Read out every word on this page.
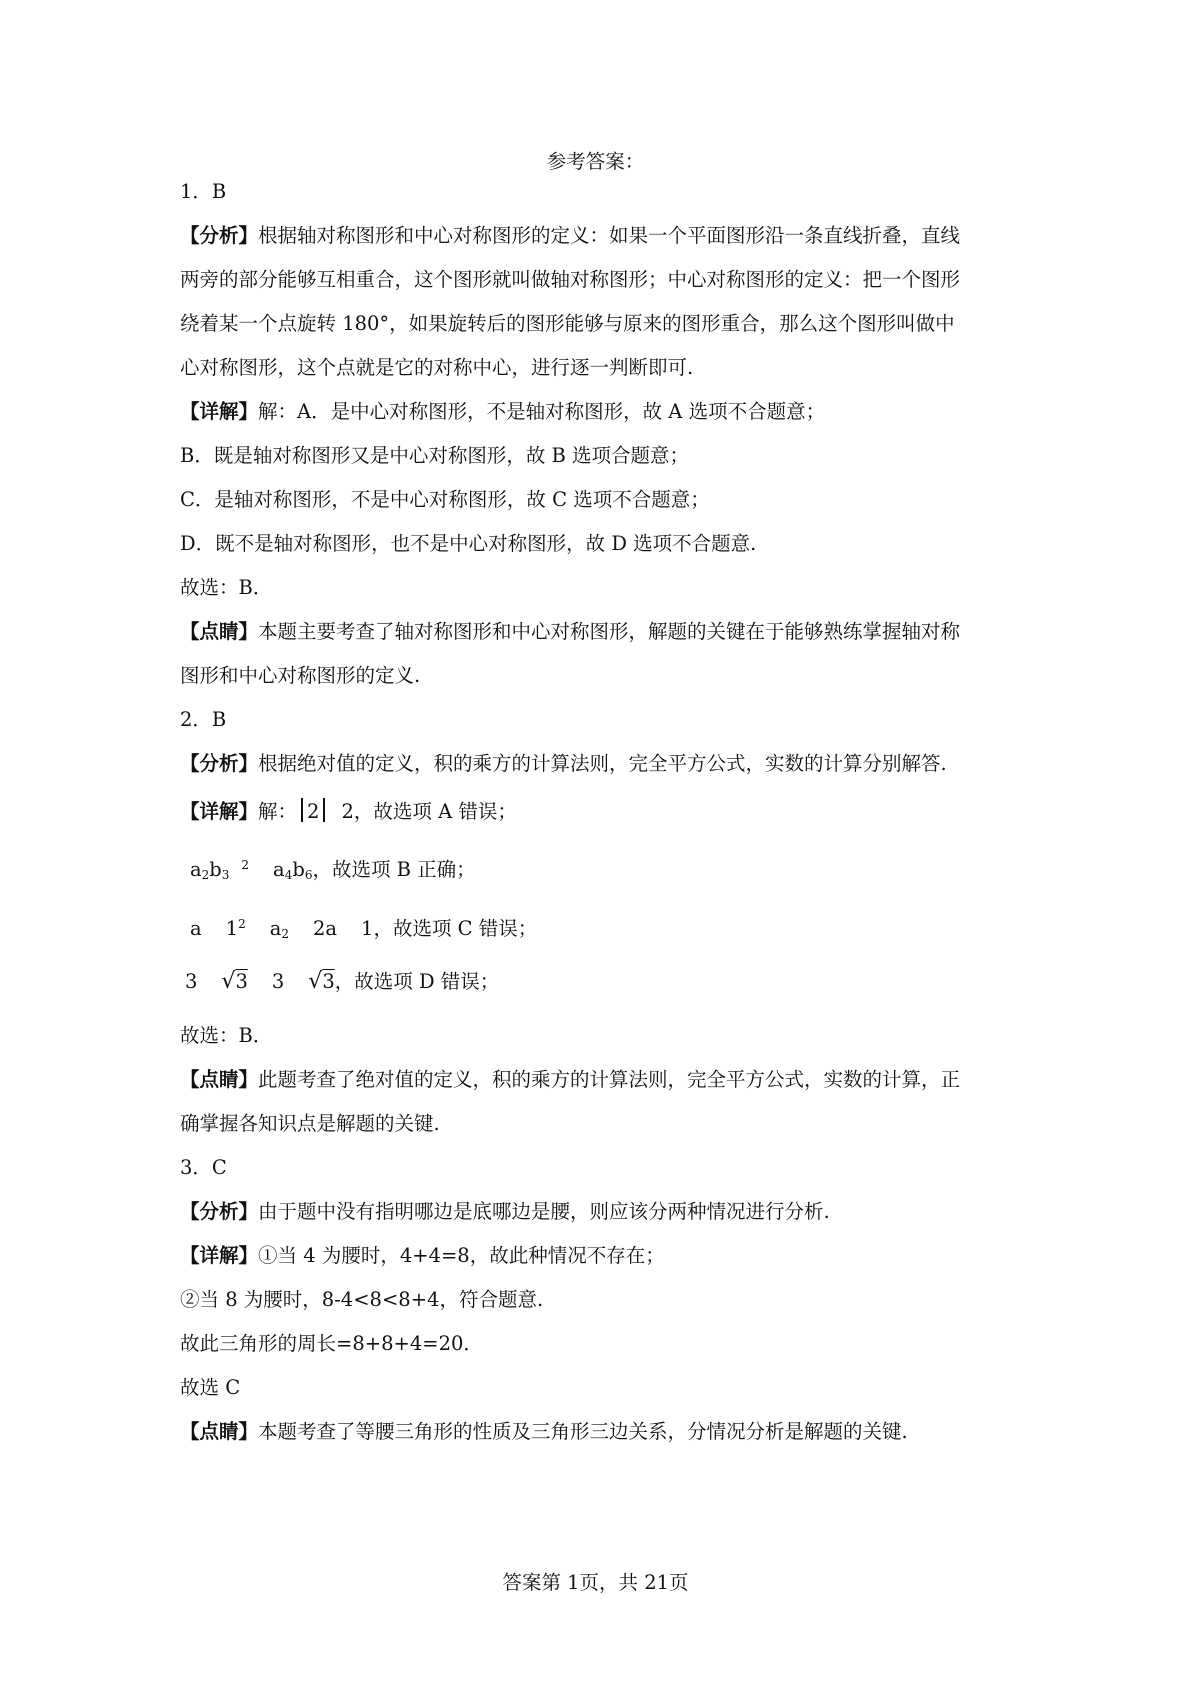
参考答案：
1．B
【分析】根据轴对称图形和中心对称图形的定义：如果一个平面图形沿一条直线折叠，直线
两旁的部分能够互相重合，这个图形就叫做轴对称图形；中心对称图形的定义：把一个图形
绕着某一个点旋转 180°，如果旋转后的图形能够与原来的图形重合，那么这个图形叫做中
心对称图形，这个点就是它的对称中心，进行逐一判断即可.
【详解】解：A．是中心对称图形，不是轴对称图形，故 A 选项不合题意；
B．既是轴对称图形又是中心对称图形，故 B 选项合题意；
C．是轴对称图形，不是中心对称图形，故 C 选项不合题意；
D．既不是轴对称图形，也不是中心对称图形，故 D 选项不合题意.
故选：B．
【点睛】本题主要考查了轴对称图形和中心对称图形，解题的关键在于能够熟练掌握轴对称
图形和中心对称图形的定义.
2．B
【分析】根据绝对值的定义，积的乘方的计算法则，完全平方公式，实数的计算分别解答.
【详解】解： 2 2，故选项 A 错误；
$a_2b_3^2$ $a_4b_6$，故选项 B 正确；
a $1^2$ $a_2$ 2a 1，故选项 C 错误；
3 √3 3 √3，故选项 D 错误；
故选：B．
【点睛】此题考查了绝对值的定义，积的乘方的计算法则，完全平方公式，实数的计算，正
确掌握各知识点是解题的关键.
3．C
【分析】由于题中没有指明哪边是底哪边是腰，则应该分两种情况进行分析.
【详解】①当 4 为腰时，4+4=8，故此种情况不存在；
②当 8 为腰时，8-4<8<8+4，符合题意.
故此三角形的周长=8+8+4=20．
故选 C
【点睛】本题考查了等腰三角形的性质及三角形三边关系，分情况分析是解题的关键.
答案第 1页，共 21页
